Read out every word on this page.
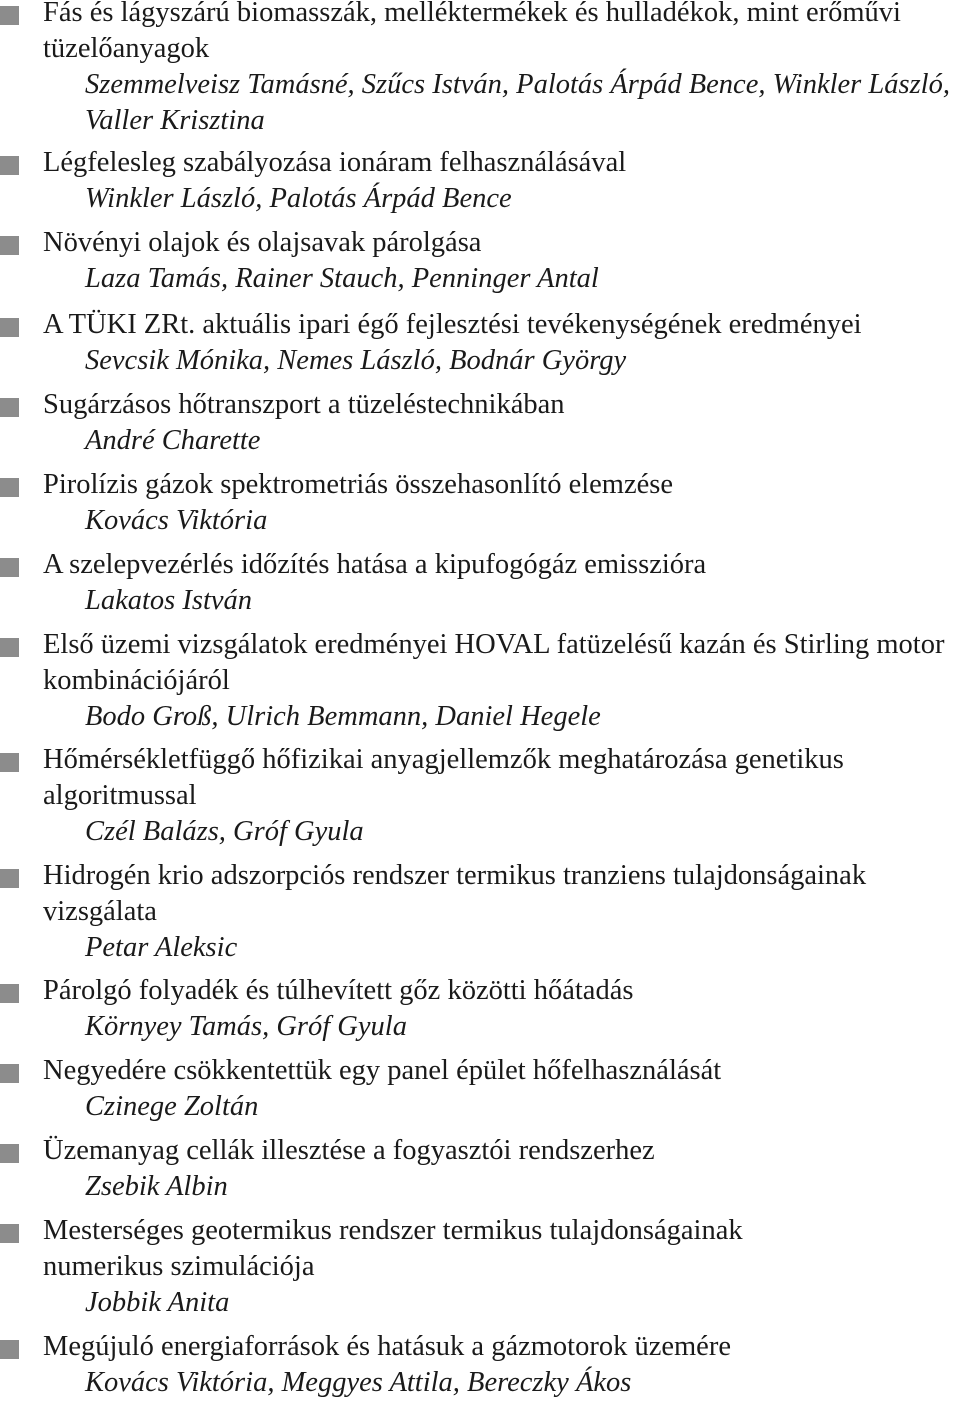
Fás és lágyszárú biomasszák, melléktermékek és hulladékok, mint erőművi
tüzelőanyagok
Szemmelveisz Tamásné, Szűcs István, Palotás Árpád Bence, Winkler László,
Valler Krisztina
Légfelesleg szabályozása ionáram felhasználásával
Winkler László, Palotás Árpád Bence
Növényi olajok és olajsavak párolgása
Laza Tamás, Rainer Stauch, Penninger Antal
A TÜKI ZRt. aktuális ipari égő fejlesztési tevékenységének eredményei
Sevcsik Mónika, Nemes László, Bodnár György
Sugárzásos hőtranszport a tüzeléstechnikában
André Charette
Pirolízis gázok spektrometriás összehasonlító elemzése
Kovács Viktória
A szelepvezérlés időzítés hatása a kipufogógáz emisszióra
Lakatos István
Első üzemi vizsgálatok eredményei HOVAL fatüzelésű kazán és Stirling motor
kombinációjáról
Bodo Groß, Ulrich Bemmann, Daniel Hegele
Hőmérsékletfüggő hőfizikai anyagjellemzők meghatározása genetikus
algoritmussal
Czél Balázs, Gróf Gyula
Hidrogén krio adszorpciós rendszer termikus tranziens tulajdonságainak
vizsgálata
Petar Aleksic
Párolgó folyadék és túlhevített gőz közötti hőátadás
Környey Tamás, Gróf Gyula
Negyedére csökkentettük egy panel épület hőfelhasználását
Czinege Zoltán
Üzemanyag cellák illesztése a fogyasztói rendszerhez
Zsebik Albin
Mesterséges geotermikus rendszer termikus tulajdonságainak
numerikus szimulációja
Jobbik Anita
Megújuló energiaforrások és hatásuk a gázmotorok üzemére
Kovács Viktória, Meggyes Attila, Bereczky Ákos
